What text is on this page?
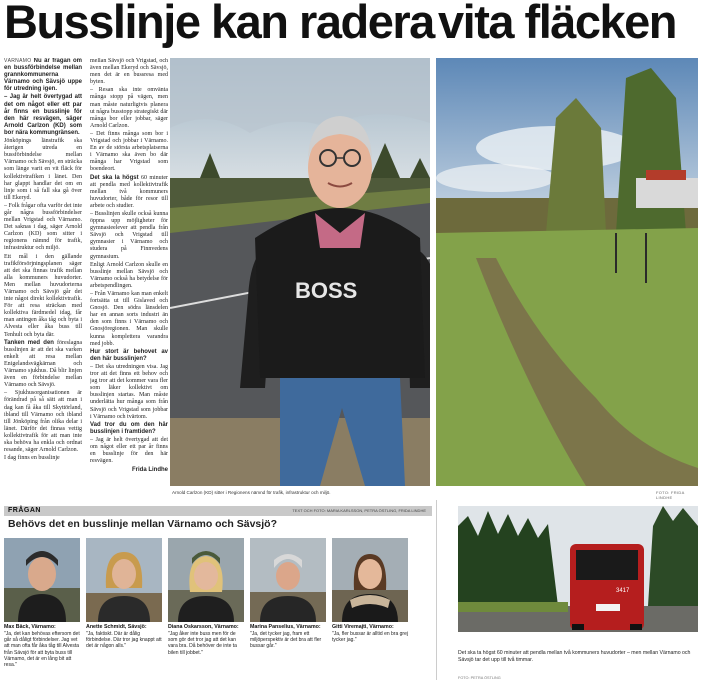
Busslinje kan radera vita fläcken

VÄRNAMO Nu är frågan om en bussförbindelse mellan grannkommunerna Värnamo och Sävsjö uppe för utredning igen.

– Jag är helt övertygad att det om något eller ett par år finns en busslinje för den här resvägen, säger Arnold Carlzon (KD) som bor nära kommungränsen.

Jönköpings länstrafik ska återigen utreda en bussförbindelse mellan Värnamo och Sävsjö, en sträcka som länge varit en vit fläck för kollektivtrafiken i länet. Den har glappt handlar det om en linje som i så fall ska gå över till Ekeryd.

– Folk frågar ofta varför det inte går några bussförbindelser mellan Vrigstad och Värnamo. Det saknas i dag, säger Arnold Carlzon (KD) som sitter i regionens nämnd för trafik, infrastruktur och miljö.

Ett mål i den gällande trafikförsörjningsplanen säger att det ska finnas trafik mellan alla kommuners huvudorter. Men mellan huvudorterna Värnamo och Sävsjö går det inte något direkt kollektivtrafik. För att resa sträckan med kollektiva färdmedel idag, får man antingen åka tåg och byta i Alvesta eller åka buss till Tenhult och byta där.

Tanken med den föreslagna busslinjen är att det ska varken enkelt att resa mellan Enigelandsvägkärnan och Värnamo sjukhus. Då blir linjen även en förbindelse mellan Värnamo och Sävsjö.

– Sjukhusorganisationen är förändrad på så sätt att man i dag kan få åka till Skyttörland, ibland till Värnamo och ibland till Jönköping från olika delar i länet. Därför det finnas vettig kollektivtrafik för att man inte ska behöva ha enkla och ordnat resande, säger Arnold Carlzon.

I dag finns en busslinje

mellan Sävsjö och Vrigstad, och även mellan Ekeryd och Sävsjö, men det är en bussresa med byten.

– Resan ska inte omvänta många stopp på vägen, men man måste naturligtvis planera ut några busstopp strategiskt där många bor eller jobbar, säger Arnold Carlzon.

– Det finns många som bor i Vrigstad och jobbar i Värnamo. En av de största arbetsplatserna i Värnamo ska även bo där många har Vrigstad som boendeort.

Det ska la högst 60 minuter att pendla med kollektivtrafik mellan två kommuners huvudorter, både för resor till arbete och studier.

– Busslinjen skulle också kunna öppna upp möjligheter för gymnasieelever att pendla från Sävsjö och Vrigstad till gymnasier i Värnamo och studera på Finnvedens gymnasium.

Enligt Arnold Carlzon skulle en busslinje mellan Sävsjö och Värnamo också ha betydelse för arbetspendlingen.

– Från Värnamo kan man enkelt fortsätta ut till Gislaved och Gnosjö. Den södra länsdelen har en annan sorts industri än den som finns i Värnamo och Gnosjöregionen. Man skulle kunna komplettera varandra med jobb.

Hur stort är behovet av den här busslinjen?

– Det ska utredningen visa. Jag tror att det finns ett behov och jag tror att det kommer vara fler som läker kollektivt om busslinjen startas. Man måste underlätta hur många som från Sävsjö och Vrigstad som jobbar i Värnamo och tvärtom.

Vad tror du om den här busslinjen i framtiden?

– Jag är helt övertygad att det om något eller ett par år finns en busslinje för den här resvägen.

Frida Lindhe

BOSS
Arnold Carlzon (KD) sitter i Regionens nämnd för trafik, infrastruktur och miljö.	FOTO: FRIDA LINDHE
FRÅGAN	TEXT OCH FOTO: MARIA KARLSSON, PETRA ÖSTLING, FRIDA LINDHE
Behövs det en busslinje mellan Värnamo och Sävsjö?
Max Bäck, Värnamo:
"Ja, det kan behövas eftersom det går så dåligt förbindelser. Jag vet att man ofta får åka tåg till Alvesta från Sävsjö för att byta buss till Värnamo, det är en lång bit att resa."
Anette Schmidt, Sävsjö:
"Ja, faktiskt. Där är dålig förbindelse. Där tror jag knappt att det är någon alls."
Diana Oskarsson, Värnamo:
"Jag åker inte buss men för de som gör det tror jag att det kan vara bra. Då behöver de inte ta bilen till jobbet."
Marina Panselius, Värnamo:
"Ja, det tycker jag, fram ett miljöperspektiv är det bra att fler bussar går."
Gitti Viremajti, Värnamo:
"Ja, fler bussar är alltid en bra grej tycker jag."
3417
Det ska ta högst 60 minuter att pendla mellan två kommuners huvudorter – men mellan Värnamo och Sävsjö tar det upp till två timmar.
FOTO: PETRA ÖSTLING
